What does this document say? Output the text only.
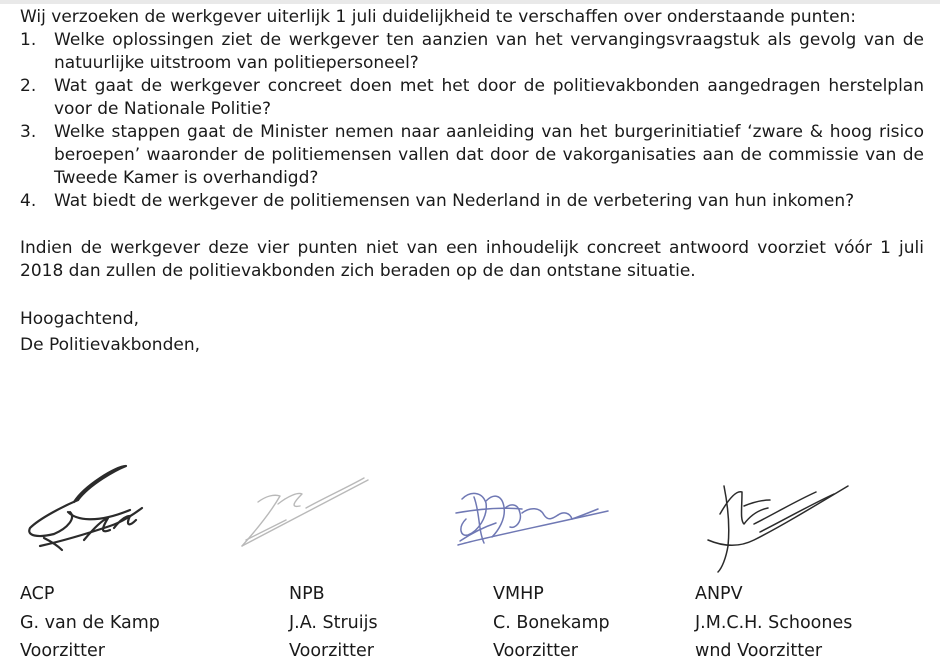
Wij verzoeken de werkgever uiterlijk 1 juli duidelijkheid te verschaffen over onderstaande punten:

1. Welke oplossingen ziet de werkgever ten aanzien van het vervangingsvraagstuk als gevolg van de natuurlijke uitstroom van politiepersoneel?
2. Wat gaat de werkgever concreet doen met het door de politievakbonden aangedragen herstelplan voor de Nationale Politie?
3. Welke stappen gaat de Minister nemen naar aanleiding van het burgerinitiatief ‘zware & hoog risico beroepen’ waaronder de politiemensen vallen dat door de vakorganisaties aan de commissie van de Tweede Kamer is overhandigd?
4. Wat biedt de werkgever de politiemensen van Nederland in de verbetering van hun inkomen?

Indien de werkgever deze vier punten niet van een inhoudelijk concreet antwoord voorziet vóór 1 juli 2018 dan zullen de politievakbonden zich beraden op de dan ontstane situatie.

Hoogachtend,
De Politievakbonden,
ACP
G. van de Kamp
Voorzitter
NPB
J.A. Struijs
Voorzitter
VMHP
C. Bonekamp
Voorzitter
ANPV
J.M.C.H. Schoones
wnd Voorzitter
